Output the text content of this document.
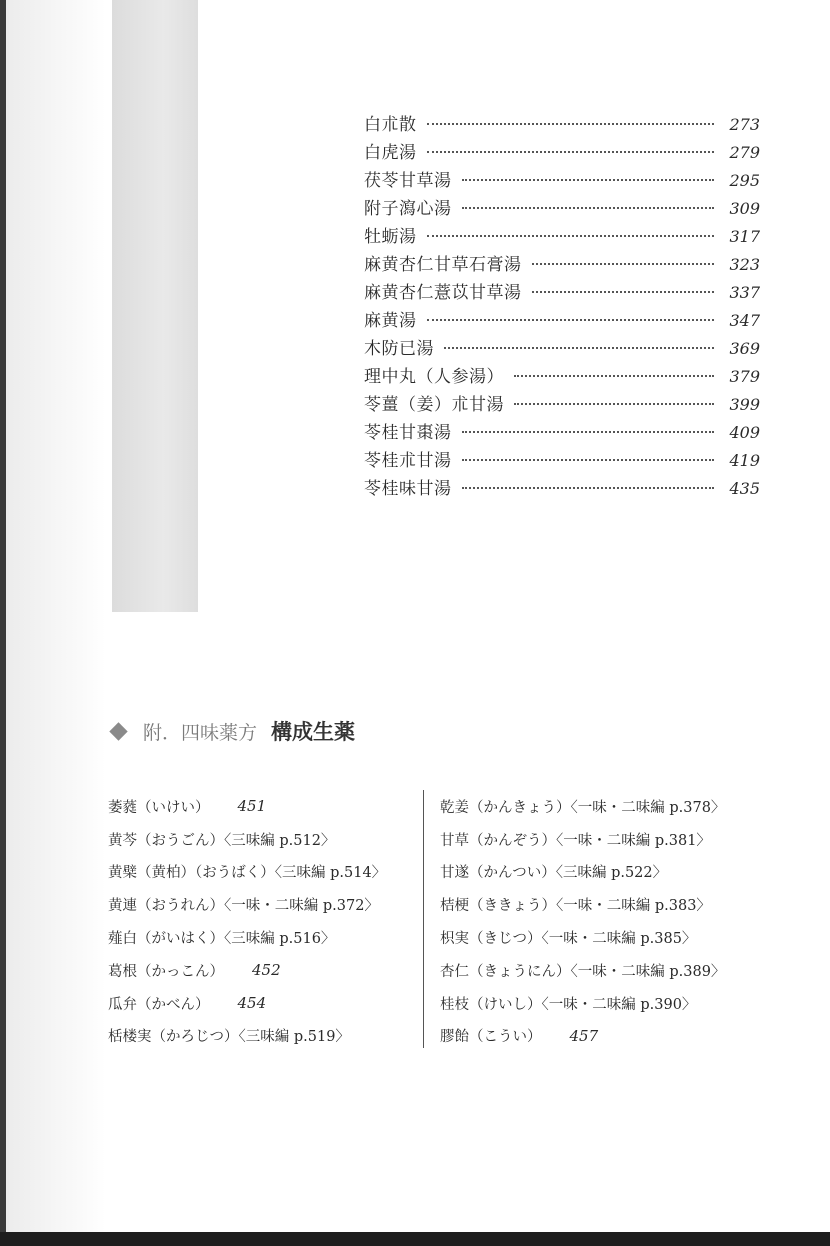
白朮散	273
白虎湯	279
茯苓甘草湯	295
附子瀉心湯	309
牡蛎湯	317
麻黄杏仁甘草石膏湯	323
麻黄杏仁薏苡甘草湯	337
麻黄湯	347
木防已湯	369
理中丸（人参湯）	379
苓薑（姜）朮甘湯	399
苓桂甘棗湯	409
苓桂朮甘湯	419
苓桂味甘湯	435
附．四味薬方 構成生薬
萎蕤（いけい） 451
黄芩（おうごん）〈三味編 p.512〉
黄檗（黄柏）（おうばく）〈三味編 p.514〉
黄連（おうれん）〈一味・二味編 p.372〉
薤白（がいはく）〈三味編 p.516〉
葛根（かっこん） 452
瓜弁（かべん） 454
栝楼実（かろじつ）〈三味編 p.519〉
乾姜（かんきょう）〈一味・二味編 p.378〉
甘草（かんぞう）〈一味・二味編 p.381〉
甘遂（かんつい）〈三味編 p.522〉
桔梗（ききょう）〈一味・二味編 p.383〉
枳実（きじつ）〈一味・二味編 p.385〉
杏仁（きょうにん）〈一味・二味編 p.389〉
桂枝（けいし）〈一味・二味編 p.390〉
膠飴（こうい） 457
